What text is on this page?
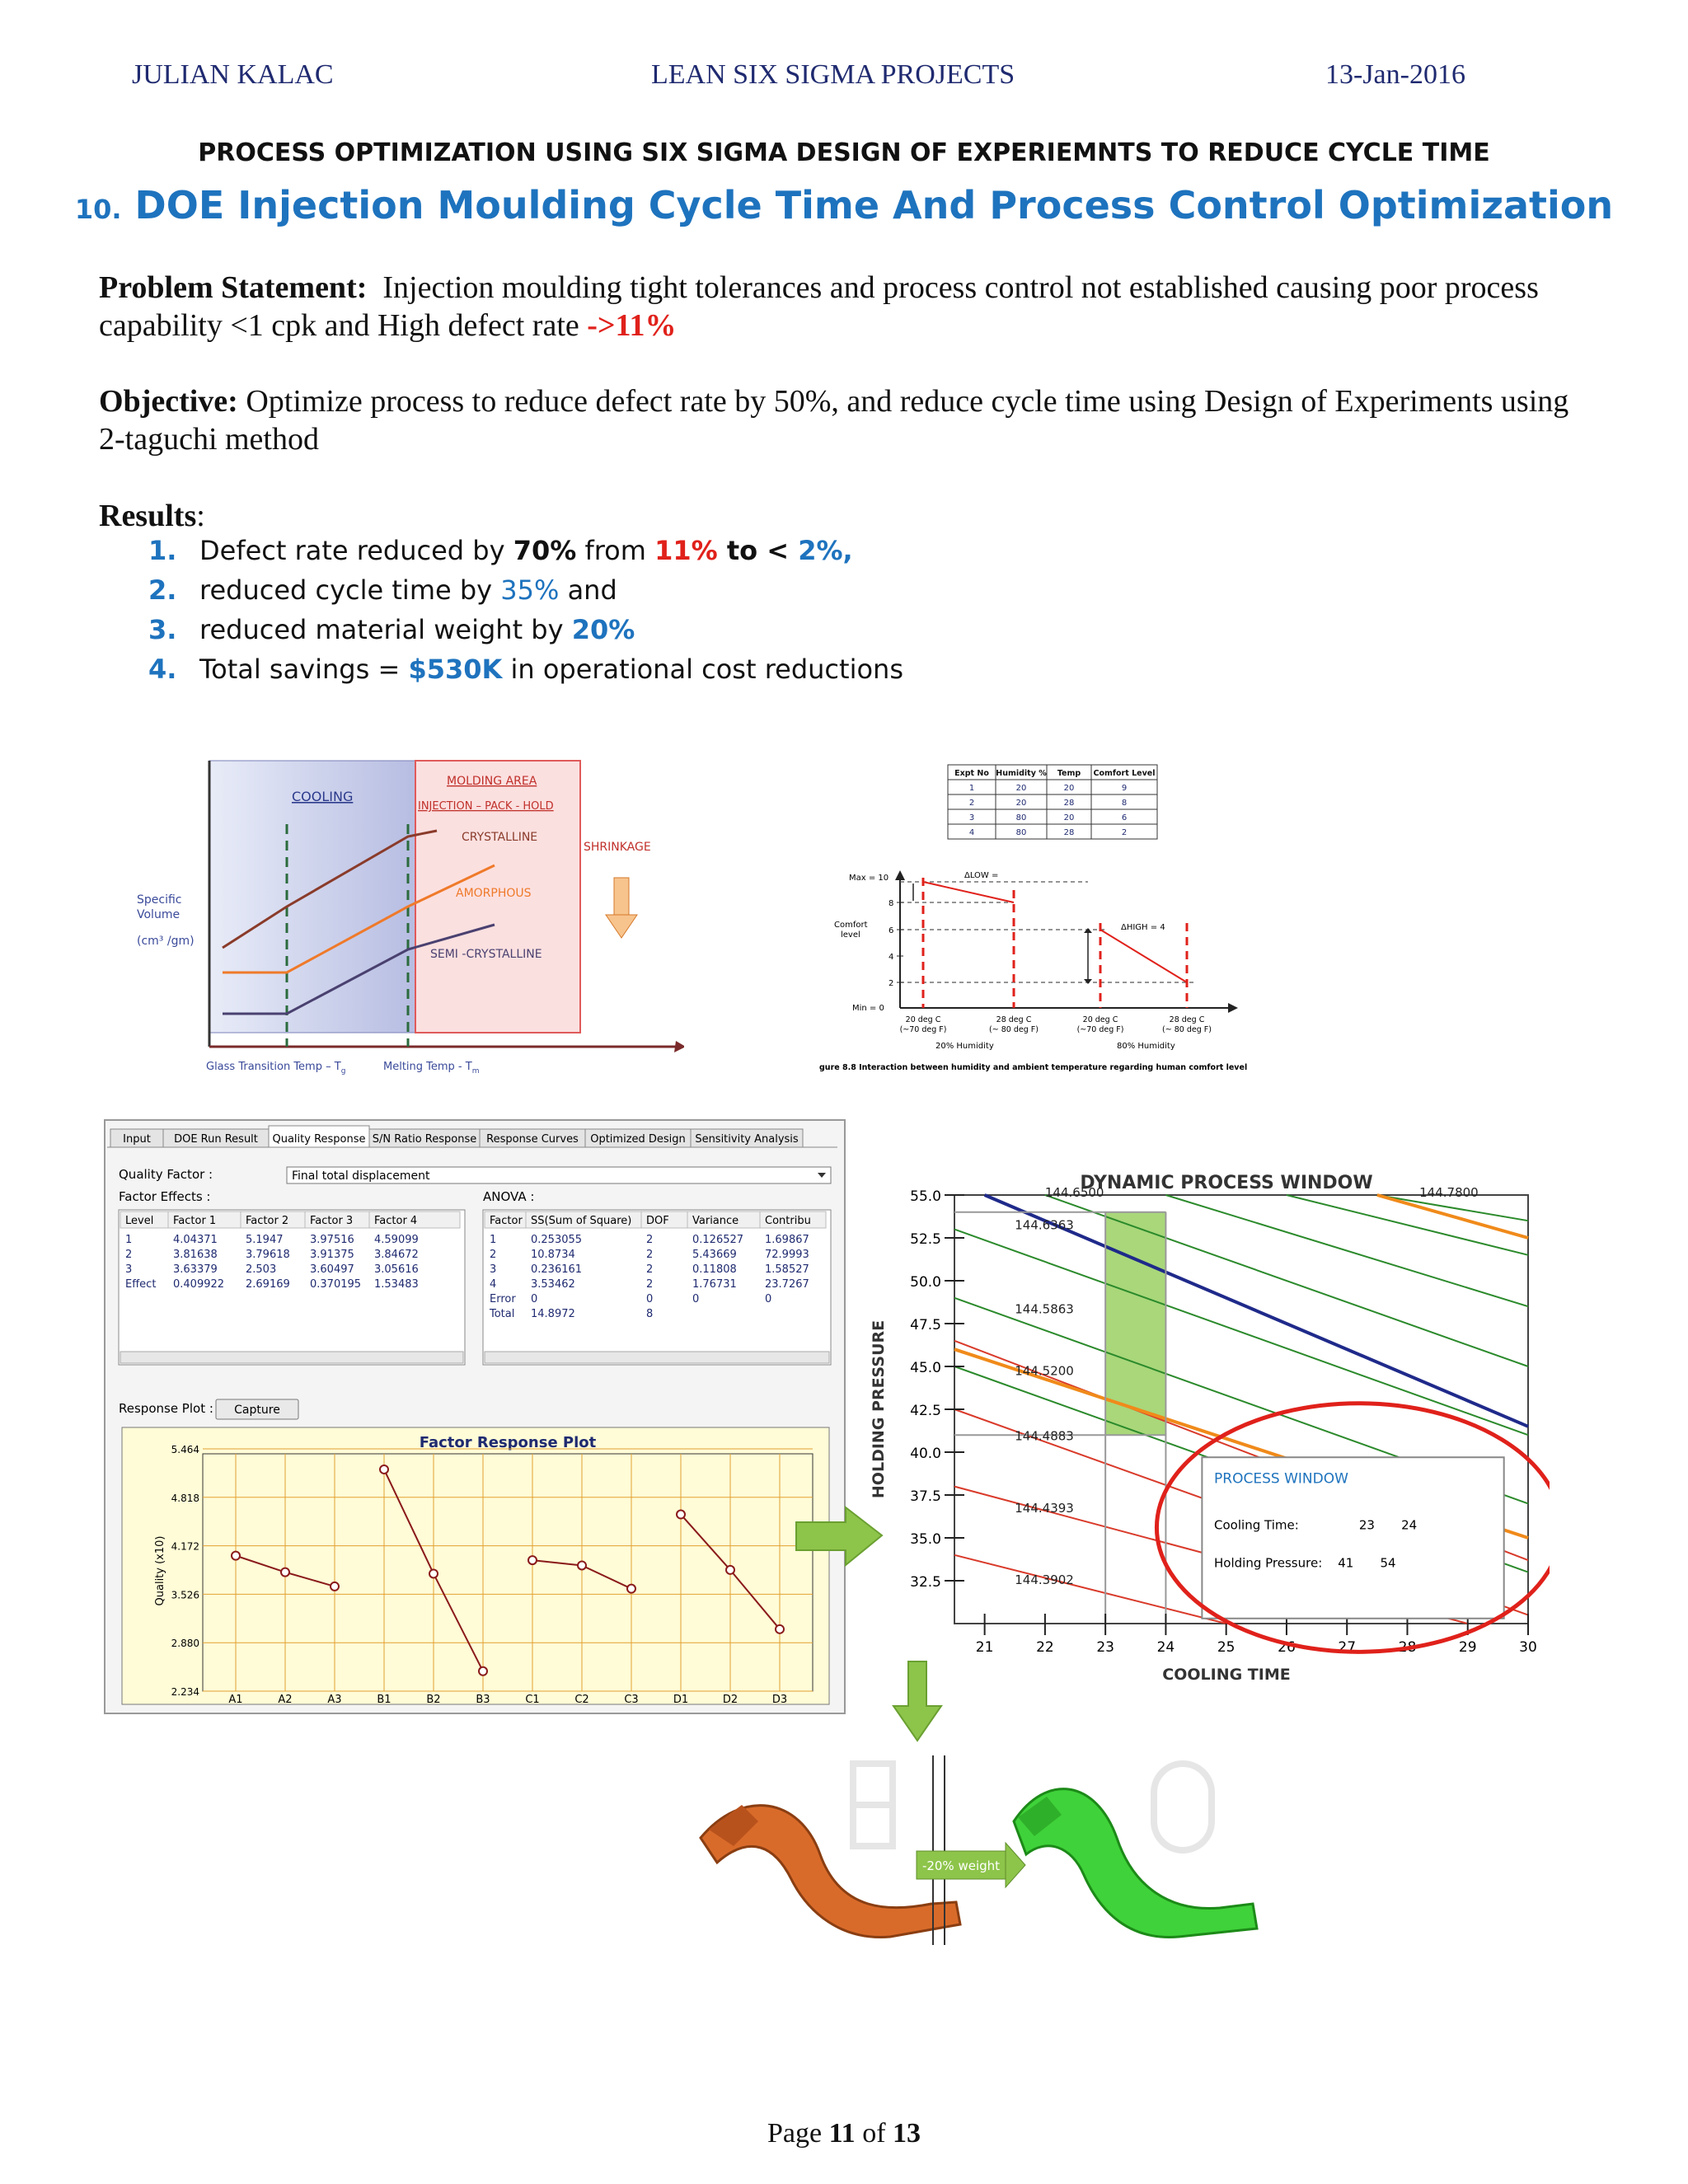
JULIAN KALAC	LEAN SIX SIGMA PROJECTS	13-Jan-2016
PROCESS OPTIMIZATION USING SIX SIGMA DESIGN OF EXPERIEMNTS TO REDUCE CYCLE TIME
10. DOE Injection Moulding Cycle Time And Process Control Optimization
Problem Statement: Injection moulding tight tolerances and process control not established causing poor process capability <1 cpk and High defect rate ->11%
Objective: Optimize process to reduce defect rate by 50%, and reduce cycle time using Design of Experiments using 2-taguchi method
Results:
1. Defect rate reduced by 70% from 11% to < 2%,
2. reduced cycle time by 35% and
3. reduced material weight by 20%
4. Total savings = $530K in operational cost reductions
COOLING
MOLDING AREA
INJECTION – PACK - HOLD
CRYSTALLINE
AMORPHOUS
SEMI -CRYSTALLINE
SHRINKAGE
Specific
Volume
(cm³ /gm)
Glass Transition Temp – $T_g$	Melting Temp - $T_m$
Expt No Humidity % Temp Comfort Level
1	20	20	9
2	20	28	8
3	80	20	6
4	80	28	2
Max = 10
Min = 0
8
6
4
2
Comfort
level
ΔLOW =
ΔHIGH = 4
20 deg C
(~70 deg F)
28 deg C
(~ 80 deg F)
20 deg C
(~70 deg F)
28 deg C
(~ 80 deg F)
20% Humidity	80% Humidity
gure 8.8 Interaction between humidity and ambient temperature regarding human comfort level
Input DOE Run Result Quality Response S/N Ratio Response Response Curves Optimized Design Sensitivity Analysis
Quality Factor :	Final total displacement
Factor Effects :	ANOVA :
Level Factor 1	Factor 2 Factor 3 Factor 4
1	4.04371	5.1947	3.97516 4.59099
2	3.81638	3.79618 3.91375 3.84672
3	3.63379	2.503	3.60497 3.05616
Effect 0.409922 2.69169 0.370195 1.53483
Factor SS(Sum of Square) DOF Variance Contribu
1	0.253055	2	0.126527 1.69867
2	10.8734	2	5.43669	72.9993
3	0.236161	2	0.11808	1.58527
4	3.53462	2	1.76731	23.7267
Error 0	0	0	0
Total 14.8972	8
Response Plot : Capture
Factor Response Plot
5.464
4.818
4.172
3.526
2.880
2.234
A1	A2	A3	B1	B2	B3	C1	C2	C3	D1	D2	D3
Quality (x10)
DYNAMIC PROCESS WINDOW
55.0
52.5
50.0
47.5
45.0
42.5
40.0
37.5
35.0
32.5
21	22	23	24	25	26	27	28	29	30
COOLING TIME
HOLDING PRESSURE
144.6500
144.6363
144.5863
144.5200
144.4883
144.4393
144.3902
144.7800
PROCESS WINDOW
Cooling Time:	23 24
Holding Pressure: 41 54
-20% weight
Page 11 of 13
